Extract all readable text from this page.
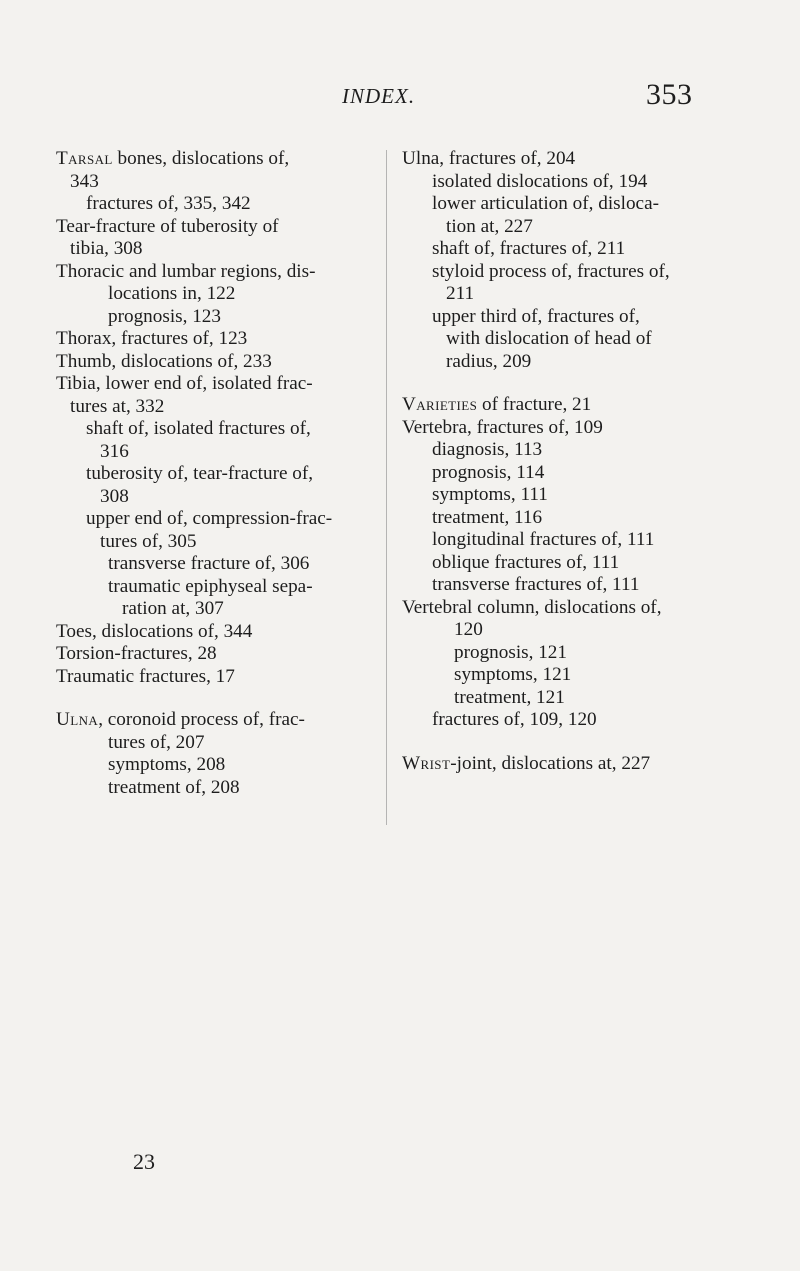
INDEX.	353

Tarsal bones, dislocations of,
343

fractures of, 335, 342

Tear-fracture of tuberosity of
tibia, 308

Thoracic and lumbar regions, dis-
locations in, 122

prognosis, 123

Thorax, fractures of, 123

Thumb, dislocations of, 233

Tibia, lower end of, isolated frac-
tures at, 332

shaft of, isolated fractures of,
316

tuberosity of, tear-fracture of,
308

upper end of, compression-frac-
tures of, 305

transverse fracture of, 306

traumatic epiphyseal sepa-
ration at, 307

Toes, dislocations of, 344

Torsion-fractures, 28

Traumatic fractures, 17

Ulna, coronoid process of, frac-
tures of, 207

symptoms, 208

treatment of, 208

Ulna, fractures of, 204

isolated dislocations of, 194

lower articulation of, disloca-
tion at, 227

shaft of, fractures of, 211

styloid process of, fractures of,
211

upper third of, fractures of,
with dislocation of head of
radius, 209

Varieties of fracture, 21

Vertebra, fractures of, 109

diagnosis, 113

prognosis, 114

symptoms, 111

treatment, 116

longitudinal fractures of, 111

oblique fractures of, 111

transverse fractures of, 111

Vertebral column, dislocations of,
120

prognosis, 121

symptoms, 121

treatment, 121

fractures of, 109, 120

Wrist-joint, dislocations at, 227

23
